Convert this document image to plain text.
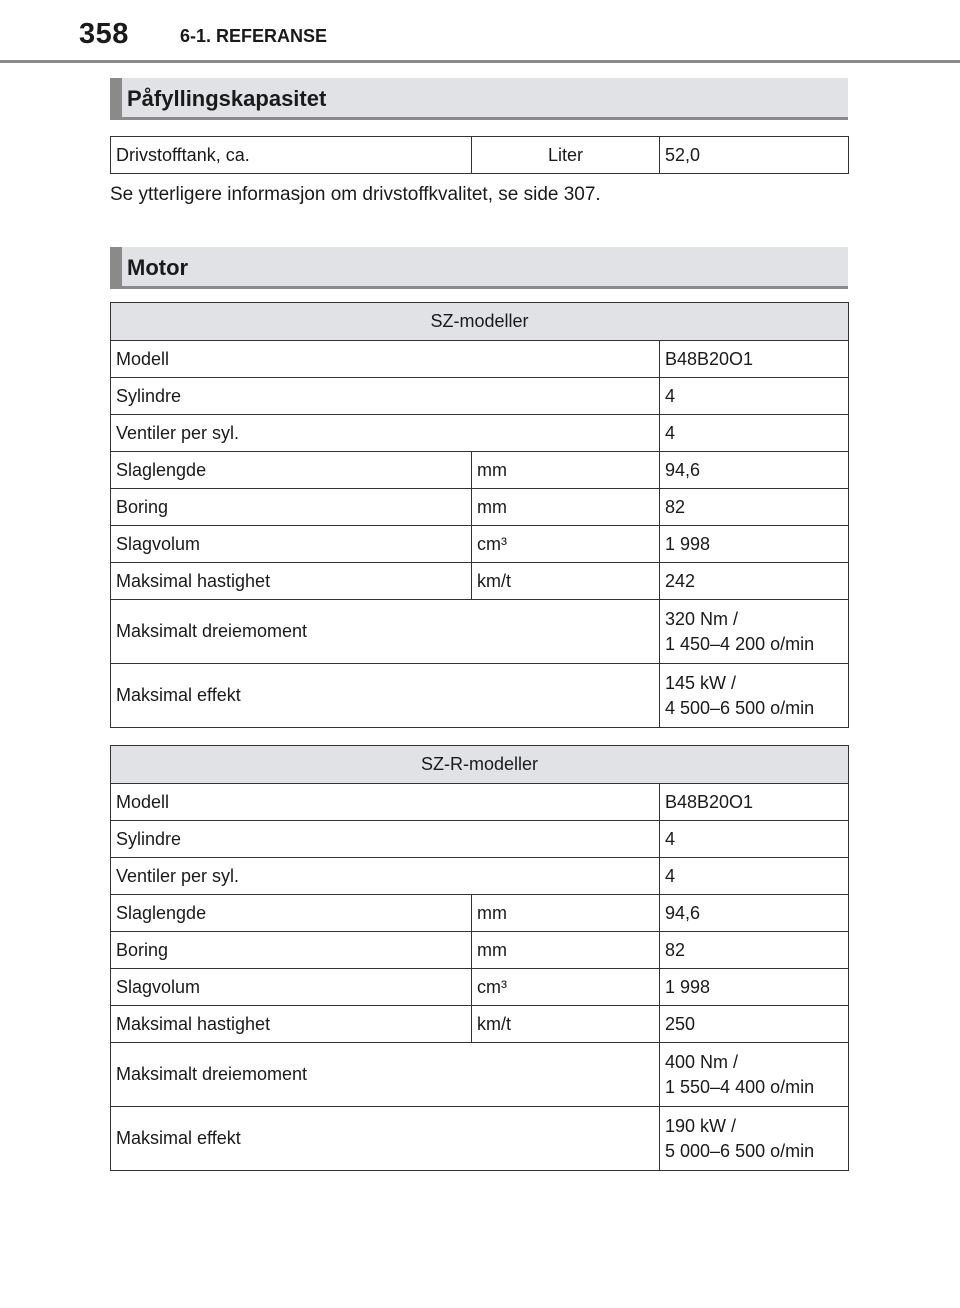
358	6-1. REFERANSE
Påfyllingskapasitet
Drivstofftank, ca.	Liter	52,0
Se ytterligere informasjon om drivstoffkvalitet, se side 307.
Motor
SZ-modeller		
Modell		B48B20O1
Sylindre		4
Ventiler per syl.		4
Slaglengde	mm	94,6
Boring	mm	82
Slagvolum	cm³	1 998
Maksimal hastighet	km/t	242
Maksimalt dreiemoment		320 Nm /
1 450–4 200 o/min

Maksimal effekt		145 kW /
4 500–6 500 o/min
SZ-R-modeller		
Modell		B48B20O1
Sylindre		4
Ventiler per syl.		4
Slaglengde	mm	94,6
Boring	mm	82
Slagvolum	cm³	1 998
Maksimal hastighet	km/t	250
Maksimalt dreiemoment		400 Nm /
1 550–4 400 o/min

Maksimal effekt		190 kW /
5 000–6 500 o/min
